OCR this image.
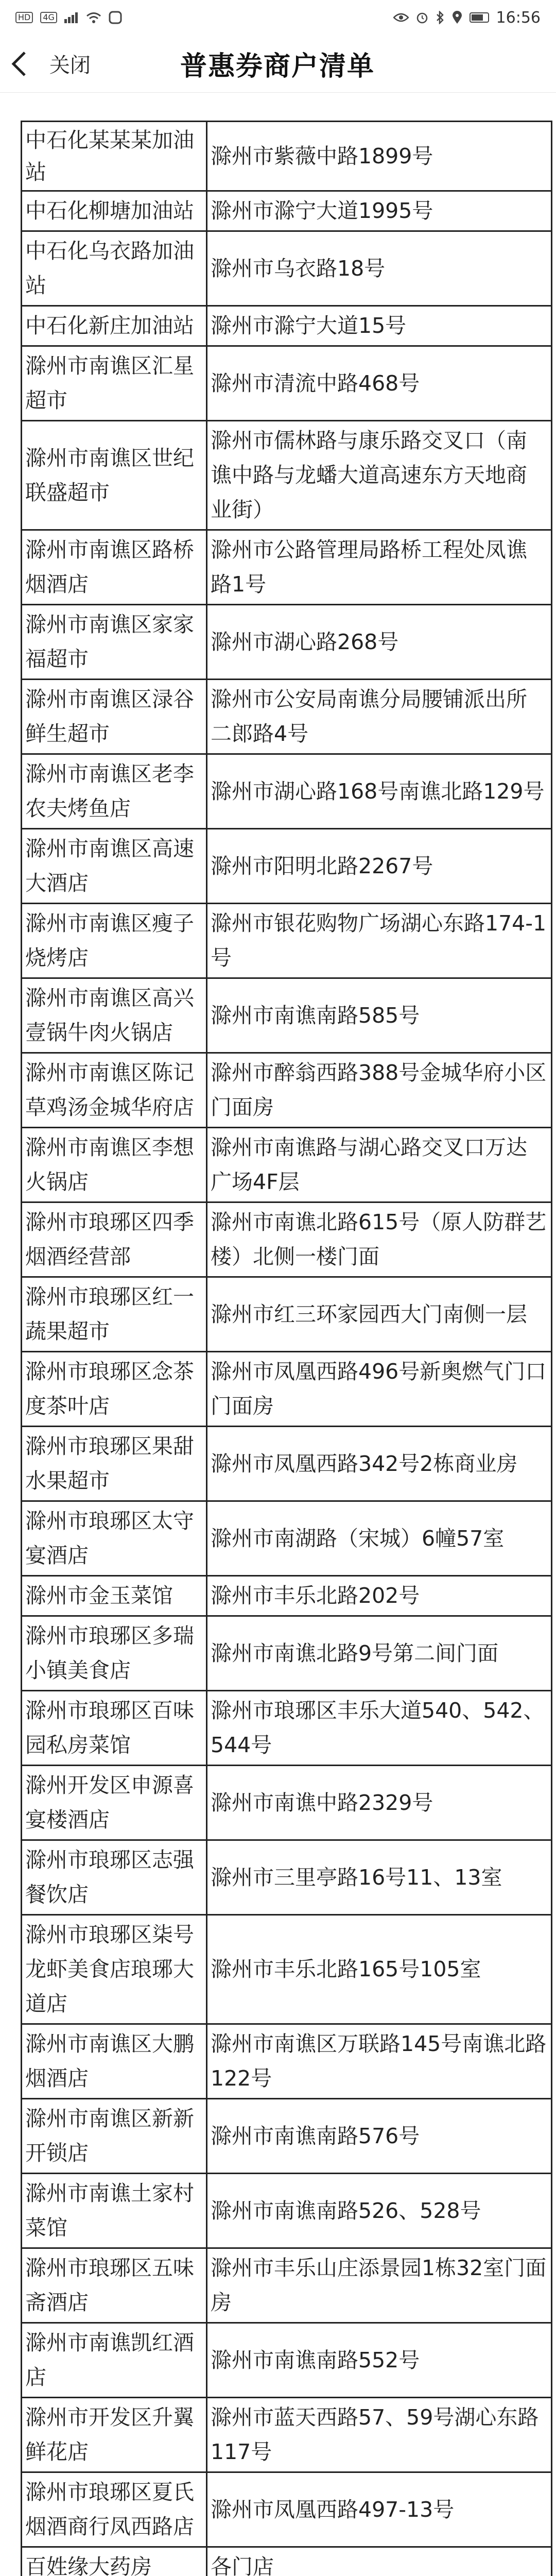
HD	4G	16:56
关闭	普惠券商户清单
中石化某某某加油站	滁州市紫薇中路1899号
中石化柳塘加油站	滁州市滁宁大道1995号
中石化乌衣路加油站	滁州市乌衣路18号
中石化新庄加油站	滁州市滁宁大道15号
滁州市南谯区汇星超市	滁州市清流中路468号
滁州市南谯区世纪联盛超市	滁州市儒林路与康乐路交叉口（南谯中路与龙蟠大道高速东方天地商业街）
滁州市南谯区路桥烟酒店	滁州市公路管理局路桥工程处凤谯路1号
滁州市南谯区家家福超市	滁州市湖心路268号
滁州市南谯区渌谷鲜生超市	滁州市公安局南谯分局腰铺派出所二郎路4号
滁州市南谯区老李农夫烤鱼店	滁州市湖心路168号南谯北路129号
滁州市南谯区高速大酒店	滁州市阳明北路2267号
滁州市南谯区瘦子烧烤店	滁州市银花购物广场湖心东路174-1号
滁州市南谯区高兴壹锅牛肉火锅店	滁州市南谯南路585号
滁州市南谯区陈记草鸡汤金城华府店	滁州市醉翁西路388号金城华府小区门面房
滁州市南谯区李想火锅店	滁州市南谯路与湖心路交叉口万达广场4F层
滁州市琅琊区四季烟酒经营部	滁州市南谯北路615号（原人防群艺楼）北侧一楼门面
滁州市琅琊区红一蔬果超市	滁州市红三环家园西大门南侧一层
滁州市琅琊区念茶度茶叶店	滁州市凤凰西路496号新奥燃气门口门面房
滁州市琅琊区果甜水果超市	滁州市凤凰西路342号2栋商业房
滁州市琅琊区太守宴酒店	滁州市南湖路（宋城）6幢57室
滁州市金玉菜馆	滁州市丰乐北路202号
滁州市琅琊区多瑞小镇美食店	滁州市南谯北路9号第二间门面
滁州市琅琊区百味园私房菜馆	滁州市琅琊区丰乐大道540、542、544号
滁州开发区申源喜宴楼酒店	滁州市南谯中路2329号
滁州市琅琊区志强餐饮店	滁州市三里亭路16号11、13室
滁州市琅琊区柒号龙虾美食店琅琊大道店	滁州市丰乐北路165号105室
滁州市南谯区大鹏烟酒店	滁州市南谯区万联路145号南谯北路122号
滁州市南谯区新新开锁店	滁州市南谯南路576号
滁州市南谯土家村菜馆	滁州市南谯南路526、528号
滁州市琅琊区五味斋酒店	滁州市丰乐山庄添景园1栋32室门面房
滁州市南谯凯红酒店	滁州市南谯南路552号
滁州市开发区升翼鲜花店	滁州市蓝天西路57、59号湖心东路117号
滁州市琅琊区夏氏烟酒商行凤西路店	滁州市凤凰西路497-13号
百姓缘大药房	各门店
